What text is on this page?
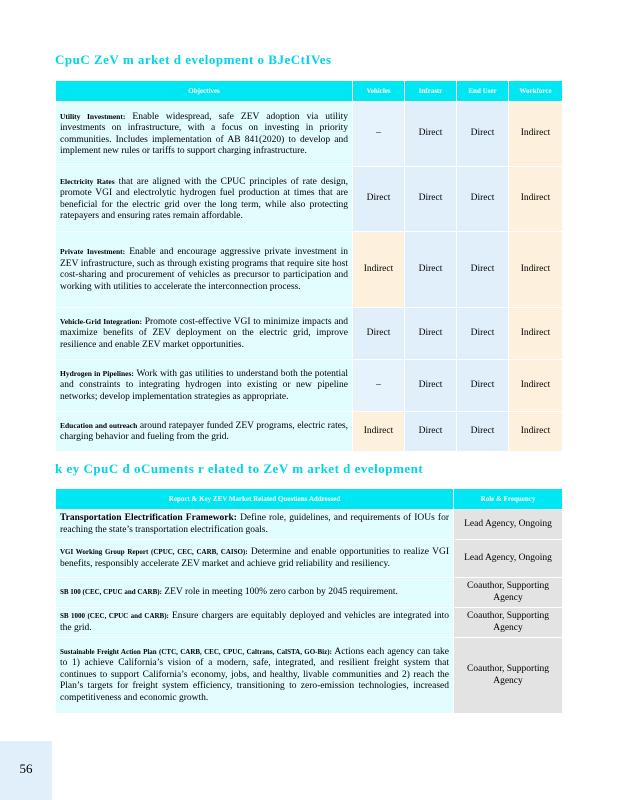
CpuC ZeV m arket d evelopment o BJeCtIVes
Objectives	Vehicles	Infrastr	End User	Workforce
Utility Investment: Enable widespread, safe ZEV adoption via utility investments on infrastructure, with a focus on investing in priority communities. Includes implementation of AB 841(2020) to develop and implement new rules or tariffs to support charging infrastructure.	–	Direct	Direct	Indirect
Electricity Rates that are aligned with the CPUC principles of rate design, promote VGI and electrolytic hydrogen fuel production at times that are beneficial for the electric grid over the long term, while also protecting ratepayers and ensuring rates remain affordable.	Direct	Direct	Direct	Indirect
Private Investment: Enable and encourage aggressive private investment in ZEV infrastructure, such as through existing programs that require site host cost-sharing and procurement of vehicles as precursor to participation and working with utilities to accelerate the interconnection process.	Indirect	Direct	Direct	Indirect
Vehicle-Grid Integration: Promote cost-effective VGI to minimize impacts and maximize benefits of ZEV deployment on the electric grid, improve resilience and enable ZEV market opportunities.	Direct	Direct	Direct	Indirect
Hydrogen in Pipelines: Work with gas utilities to understand both the potential and constraints to integrating hydrogen into existing or new pipeline networks; develop implementation strategies as appropriate.	–	Direct	Direct	Indirect
Education and outreach around ratepayer funded ZEV programs, electric rates, charging behavior and fueling from the grid.	Indirect	Direct	Direct	Indirect
k ey CpuC d oCuments r elated to ZeV m arket d evelopment
Report & Key ZEV Market Related Questions Addressed	Role & Frequency
Transportation Electrification Framework: Define role, guidelines, and requirements of IOUs for reaching the state’s transportation electrification goals.	Lead Agency, Ongoing
VGI Working Group Report (CPUC, CEC, CARB, CAISO): Determine and enable opportunities to realize VGI benefits, responsibly accelerate ZEV market and achieve grid reliability and resiliency.	Lead Agency, Ongoing
SB 100 (CEC, CPUC and CARB): ZEV role in meeting 100% zero carbon by 2045 requirement.	Coauthor, Supporting Agency
SB 1000 (CEC, CPUC and CARB): Ensure chargers are equitably deployed and vehicles are integrated into the grid.	Coauthor, Supporting Agency
Sustainable Freight Action Plan (CTC, CARB, CEC, CPUC, Caltrans, CalSTA, GO-Biz): Actions each agency can take to 1) achieve California’s vision of a modern, safe, integrated, and resilient freight system that continues to support California’s economy, jobs, and healthy, livable communities and 2) reach the Plan’s targets for freight system efficiency, transitioning to zero-emission technologies, increased competitiveness and economic growth.	Coauthor, Supporting Agency
56
